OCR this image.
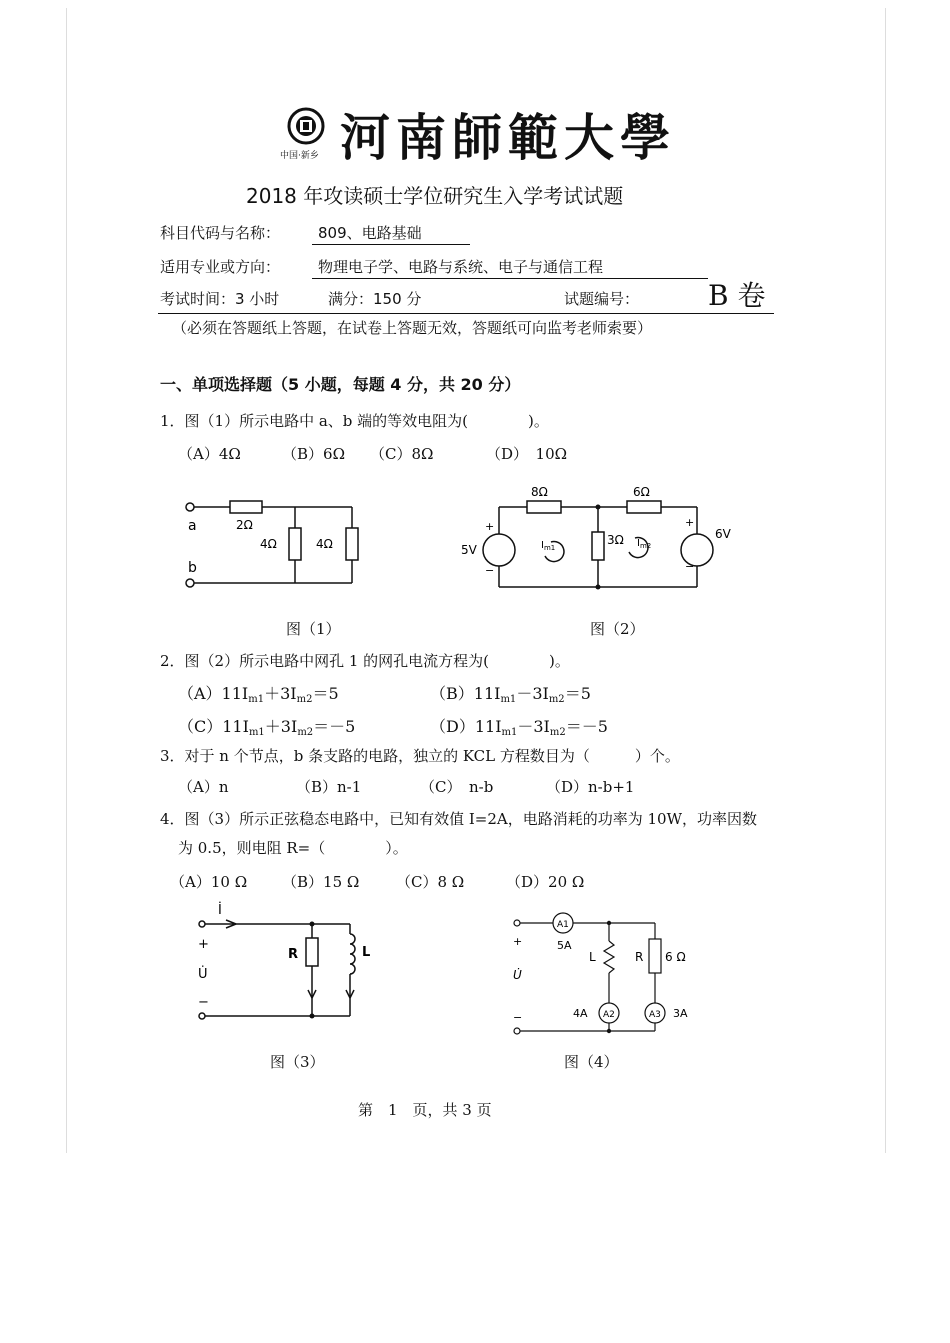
中国·新乡 河南師範大學
2018 年攻读硕士学位研究生入学考试试题
科目代码与名称：	809、电路基础
适用专业或方向：	物理电子学、电路与系统、电子与通信工程
考试时间：3 小时	满分：150 分	试题编号： B 卷
（必须在答题纸上答题，在试卷上答题无效，答题纸可向监考老师索要）
一、单项选择题（5 小题，每题 4 分，共 20 分）
1．图（1）所示电路中 a、b 端的等效电阻为(　　　　)。
（A）4Ω	（B）6Ω （C）8Ω	（D）　10Ω
a
b
2Ω
4Ω	4Ω
图（1）
8Ω	6Ω
3Ω
5V
6V
+
−
+
−
$I_{m1}$	$I_{m2}$
图（2）
2．图（2）所示电路中网孔 1 的网孔电流方程为(　　　　)。
$(A)11I_{m1}+3I_{m2}=5$	$(B)11I_{m1}-3I_{m2}=5$
$(C)11I_{m1}+3I_{m2}=-5$	$(D)11I_{m1}-3I_{m2}=-5$
3．对于 n 个节点，b 条支路的电路，独立的 KCL 方程数目为（　　　）个。
（A）n	（B）n-1	（C）　n-b	（D）n-b+1
4．图（3）所示正弦稳态电路中，已知有效值 I=2A，电路消耗的功率为 10W，功率因数
为 0.5，则电阻 R=（　　　　）。
（A）10 Ω （B）15 Ω （C）8 Ω	（D）20 Ω
İ
+
U̇
−
R	L
图（3）
A1
A2	A3
5A
4A	3A
L	R 6 Ω
+
U̇
−
图（4）
第　1　页，共 3 页
